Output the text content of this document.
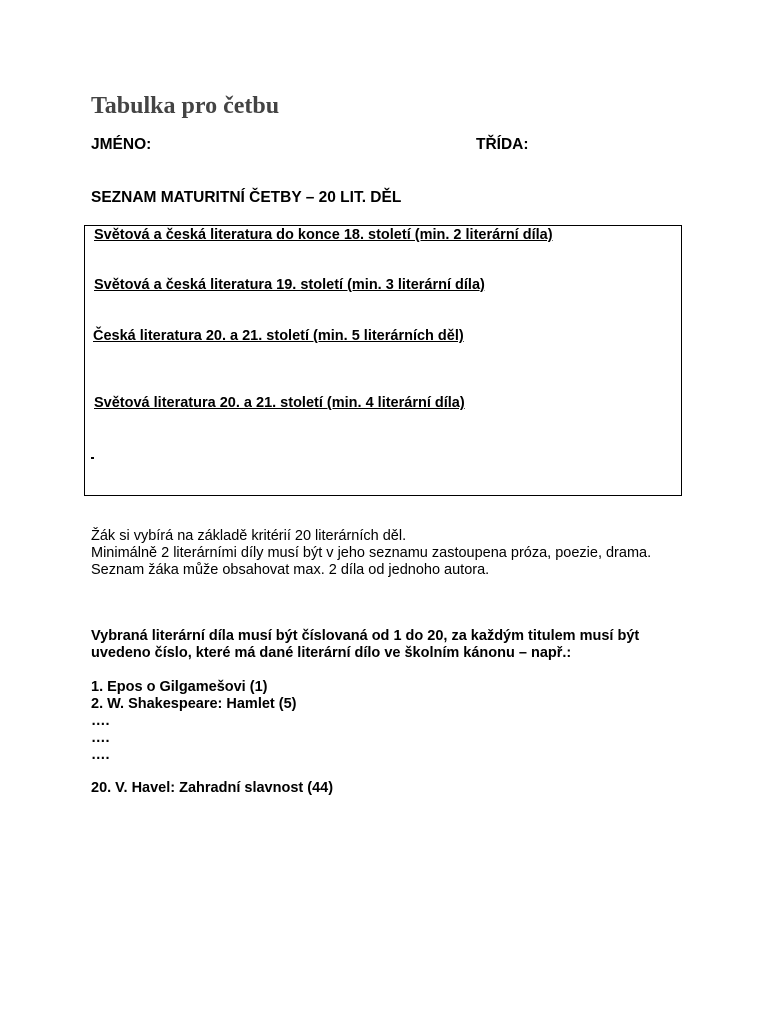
Tabulka pro četbu
JMÉNO:	TŘÍDA:
SEZNAM MATURITNÍ ČETBY – 20 LIT. DĚL
Světová a česká literatura do konce 18. století (min. 2 literární díla)
Světová a česká literatura 19. století (min. 3 literární díla)
Česká literatura 20. a 21. století (min. 5 literárních děl)
Světová literatura 20. a 21. století (min. 4 literární díla)

Žák si vybírá na základě kritérií 20 literárních děl.

Minimálně 2 literárními díly musí být v jeho seznamu zastoupena próza, poezie, drama.

Seznam žáka může obsahovat max. 2 díla od jednoho autora.

Vybraná literární díla musí být číslovaná od 1 do 20, za každým titulem musí být uvedeno číslo, které má dané literární dílo ve školním kánonu – např.:

1. Epos o Gilgamešovi (1)
2. W. Shakespeare: Hamlet (5)
….
….
….
20. V. Havel: Zahradní slavnost (44)
